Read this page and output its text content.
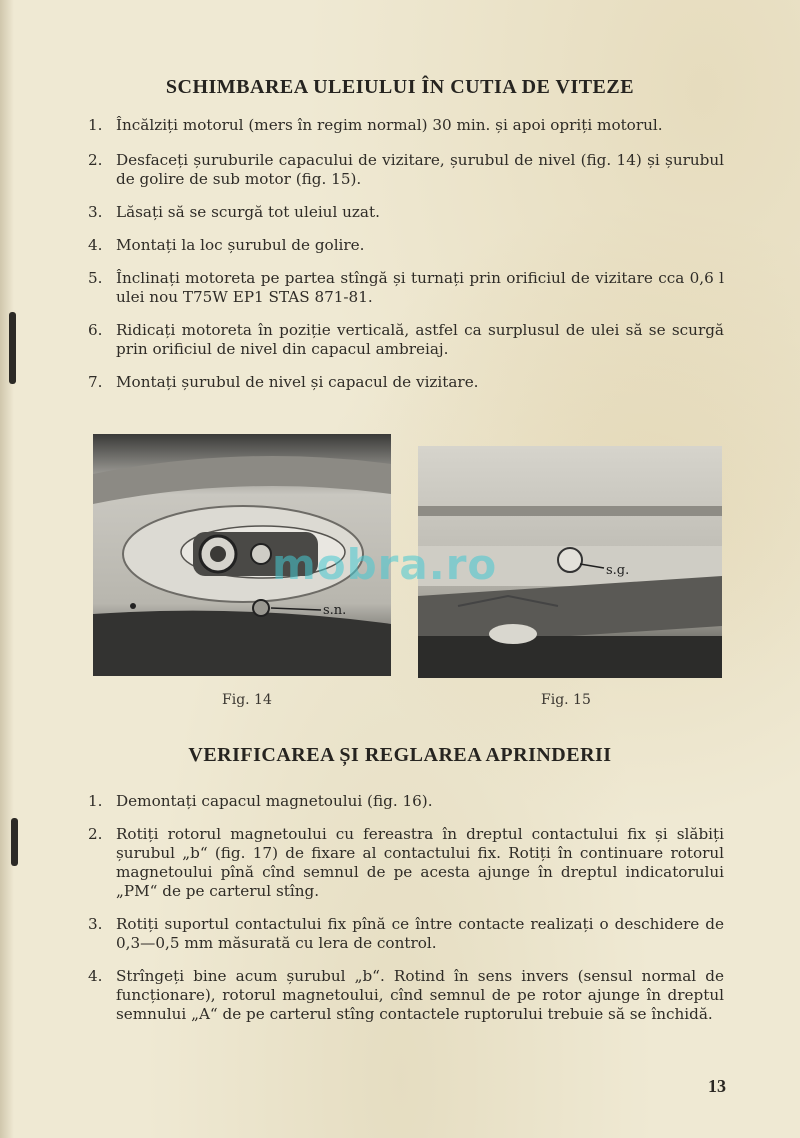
SCHIMBAREA ULEIULUI ÎN CUTIA DE VITEZE
1. Încălziți motorul (mers în regim normal) 30 min. și apoi opriți motorul.
2. Desfaceți șuruburile capacului de vizitare, șurubul de nivel (fig. 14) și șurubul de golire de sub motor (fig. 15).
3. Lăsați să se scurgă tot uleiul uzat.
4. Montați la loc șurubul de golire.
5. Înclinați motoreta pe partea stîngă și turnați prin orificiul de vizitare cca 0,6 l ulei nou T75W EP1 STAS 871-81.
6. Ridicați motoreta în poziție verticală, astfel ca surplusul de ulei să se scurgă prin orificiul de nivel din capacul ambreiaj.
7. Montați șurubul de nivel și capacul de vizitare.
s.n.
s.g.
mobra.ro
Fig. 14	Fig. 15
VERIFICAREA ȘI REGLAREA APRINDERII
1. Demontați capacul magnetoului (fig. 16).
2. Rotiți rotorul magnetoului cu fereastra în dreptul contactului fix și slăbiți șurubul „b“ (fig. 17) de fixare al contactului fix. Rotiți în continuare rotorul magnetoului pînă cînd semnul de pe acesta ajunge în dreptul indicatorului „PM“ de pe carterul stîng.
3. Rotiți suportul contactului fix pînă ce între contacte realizați o deschidere de 0,3—0,5 mm măsurată cu lera de control.
4. Strîngeți bine acum șurubul „b“. Rotind în sens invers (sensul normal de funcționare), rotorul magnetoului, cînd semnul de pe rotor ajunge în dreptul semnului „A“ de pe carterul stîng contactele ruptorului trebuie să se închidă.
13
